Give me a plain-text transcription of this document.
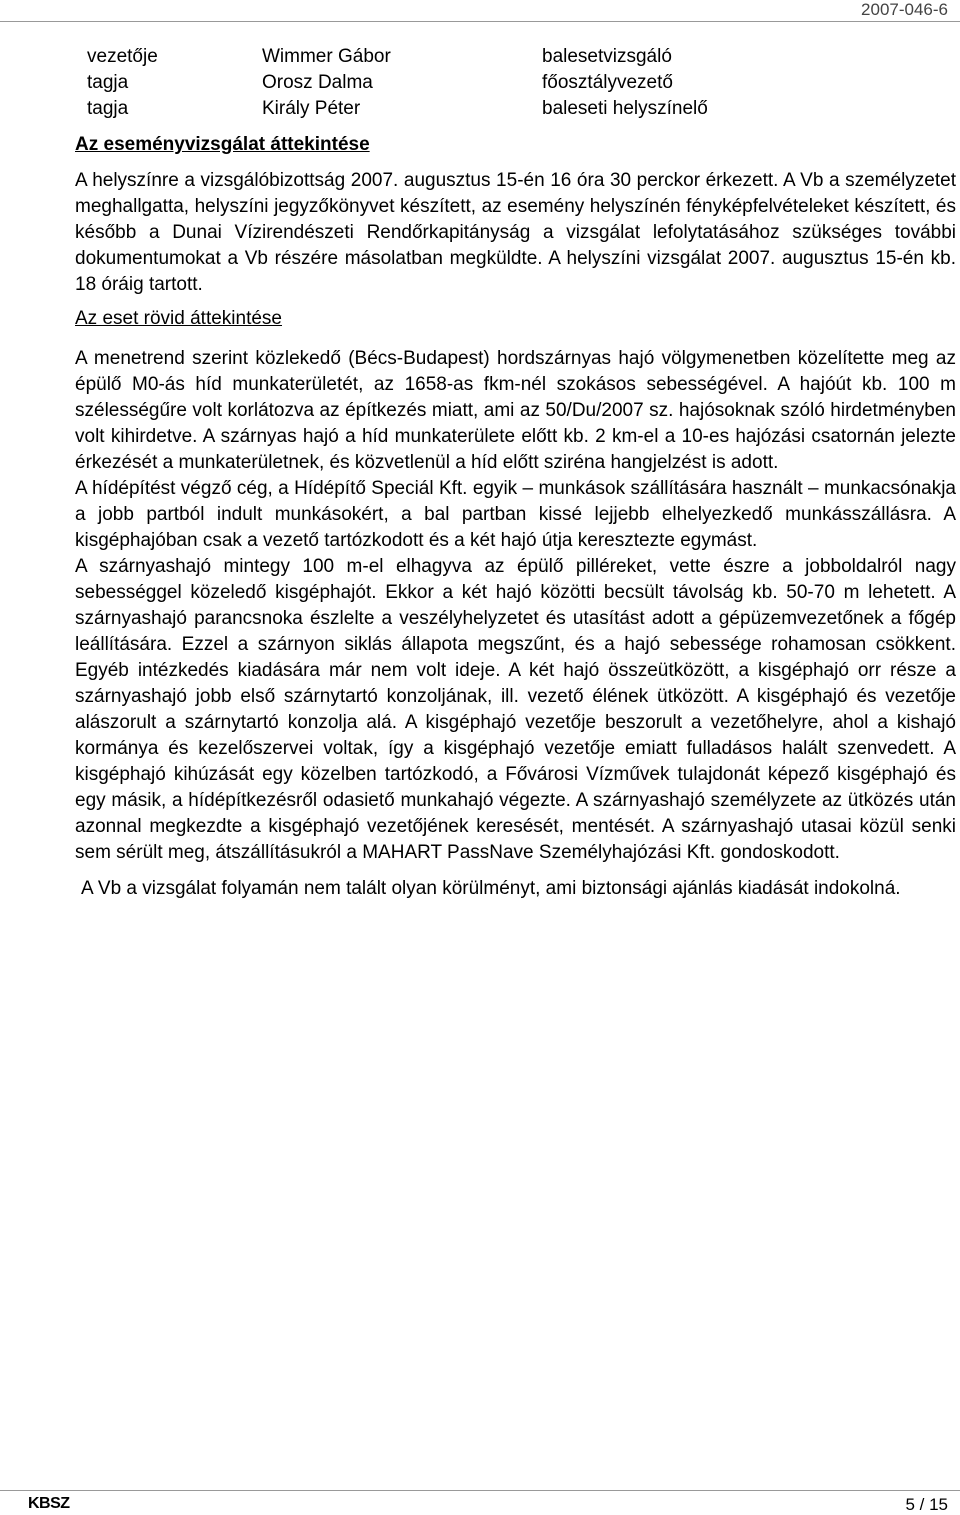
2007-046-6
vezetője	Wimmer Gábor	balesetvizsgáló
tagja	Orosz Dalma	főosztályvezető
tagja	Király Péter	baleseti helyszínelő
Az eseményvizsgálat áttekintése

A helyszínre a vizsgálóbizottság 2007. augusztus 15-én 16 óra 30 perckor érkezett. A Vb a személyzetet meghallgatta, helyszíni jegyzőkönyvet készített, az esemény helyszínén fényképfelvételeket készített, és később a Dunai Vízirendészeti Rendőrkapitányság a vizsgálat lefolytatásához szükséges további dokumentumokat a Vb részére másolatban megküldte. A helyszíni vizsgálat 2007. augusztus 15-én kb. 18 óráig tartott.

Az eset rövid áttekintése

A menetrend szerint közlekedő (Bécs-Budapest) hordszárnyas hajó völgymenetben közelítette meg az épülő M0-ás híd munkaterületét, az 1658-as fkm-nél szokásos sebességével. A hajóút kb. 100 m szélességűre volt korlátozva az építkezés miatt, ami az 50/Du/2007 sz. hajósoknak szóló hirdetményben volt kihirdetve. A szárnyas hajó a híd munkaterülete előtt kb. 2 km-el a 10-es hajózási csatornán jelezte érkezését a munkaterületnek, és közvetlenül a híd előtt sziréna hangjelzést is adott.

A hídépítést végző cég, a Hídépítő Speciál Kft. egyik – munkások szállítására használt – munkacsónakja a jobb partból indult munkásokért, a bal partban kissé lejjebb elhelyezkedő munkásszállásra. A kisgéphajóban csak a vezető tartózkodott és a két hajó útja keresztezte egymást.

A szárnyashajó mintegy 100 m-el elhagyva az épülő pilléreket, vette észre a jobboldalról nagy sebességgel közeledő kisgéphajót. Ekkor a két hajó közötti becsült távolság kb. 50-70 m lehetett. A szárnyashajó parancsnoka észlelte a veszélyhelyzetet és utasítást adott a gépüzemvezetőnek a főgép leállítására. Ezzel a szárnyon siklás állapota megszűnt, és a hajó sebessége rohamosan csökkent. Egyéb intézkedés kiadására már nem volt ideje. A két hajó összeütközött, a kisgéphajó orr része a szárnyashajó jobb első szárnytartó konzoljának, ill. vezető élének ütközött. A kisgéphajó és vezetője alászorult a szárnytartó konzolja alá. A kisgéphajó vezetője beszorult a vezetőhelyre, ahol a kishajó kormánya és kezelőszervei voltak, így a kisgéphajó vezetője emiatt fulladásos halált szenvedett. A kisgéphajó kihúzását egy közelben tartózkodó, a Fővárosi Vízművek tulajdonát képező kisgéphajó és egy másik, a hídépítkezésről odasiető munkahajó végezte. A szárnyashajó személyzete az ütközés után azonnal megkezdte a kisgéphajó vezetőjének keresését, mentését. A szárnyashajó utasai közül senki sem sérült meg, átszállításukról a MAHART PassNave Személyhajózási Kft. gondoskodott.

A Vb a vizsgálat folyamán nem talált olyan körülményt, ami biztonsági ajánlás kiadását indokolná.

KBSZ	5 / 15
